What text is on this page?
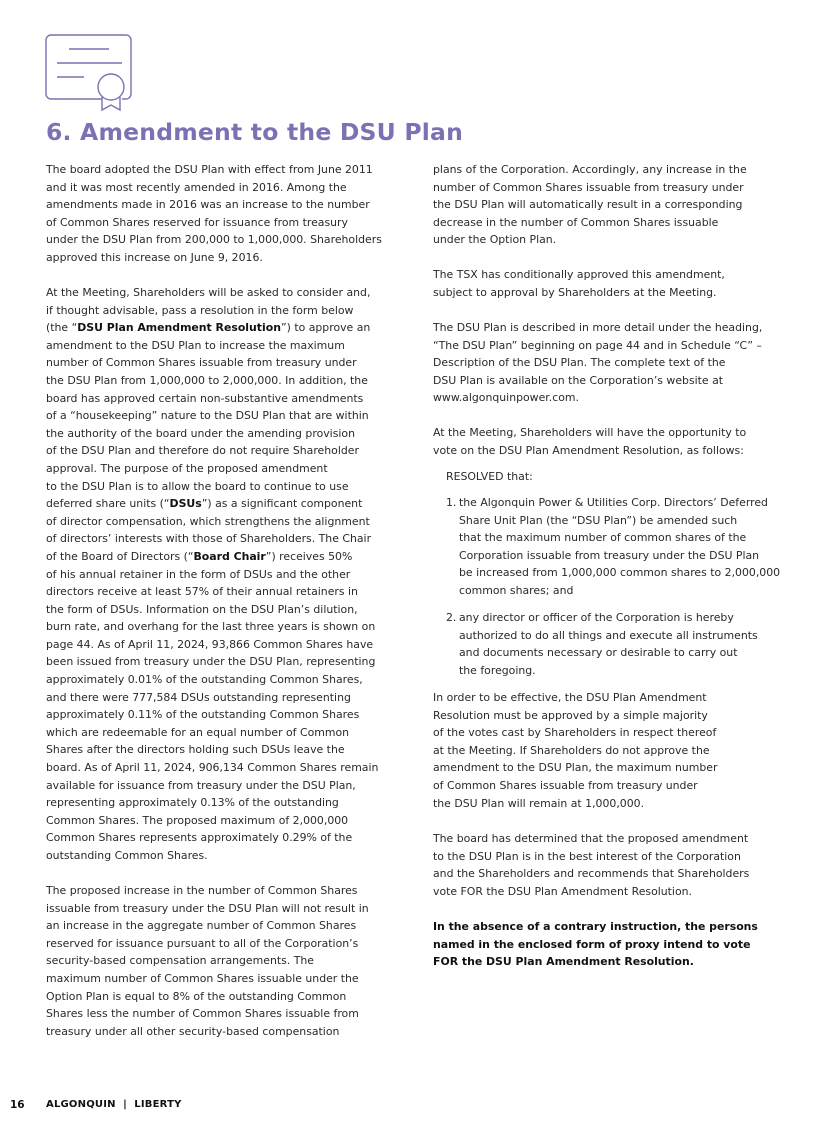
6. Amendment to the DSU Plan
The board adopted the DSU Plan with effect from June 2011
and it was most recently amended in 2016. Among the
amendments made in 2016 was an increase to the number
of Common Shares reserved for issuance from treasury
under the DSU Plan from 200,000 to 1,000,000. Shareholders
approved this increase on June 9, 2016.
At the Meeting, Shareholders will be asked to consider and,
if thought advisable, pass a resolution in the form below
(the “DSU Plan Amendment Resolution”) to approve an
amendment to the DSU Plan to increase the maximum
number of Common Shares issuable from treasury under
the DSU Plan from 1,000,000 to 2,000,000. In addition, the
board has approved certain non-substantive amendments
of a “housekeeping” nature to the DSU Plan that are within
the authority of the board under the amending provision
of the DSU Plan and therefore do not require Shareholder
approval. The purpose of the proposed amendment
to the DSU Plan is to allow the board to continue to use
deferred share units (“DSUs”) as a significant component
of director compensation, which strengthens the alignment
of directors’ interests with those of Shareholders. The Chair
of the Board of Directors (“Board Chair”) receives 50%
of his annual retainer in the form of DSUs and the other
directors receive at least 57% of their annual retainers in
the form of DSUs. Information on the DSU Plan’s dilution,
burn rate, and overhang for the last three years is shown on
page 44. As of April 11, 2024, 93,866 Common Shares have
been issued from treasury under the DSU Plan, representing
approximately 0.01% of the outstanding Common Shares,
and there were 777,584 DSUs outstanding representing
approximately 0.11% of the outstanding Common Shares
which are redeemable for an equal number of Common
Shares after the directors holding such DSUs leave the
board. As of April 11, 2024, 906,134 Common Shares remain
available for issuance from treasury under the DSU Plan,
representing approximately 0.13% of the outstanding
Common Shares. The proposed maximum of 2,000,000
Common Shares represents approximately 0.29% of the
outstanding Common Shares.
The proposed increase in the number of Common Shares
issuable from treasury under the DSU Plan will not result in
an increase in the aggregate number of Common Shares
reserved for issuance pursuant to all of the Corporation’s
security-based compensation arrangements. The
maximum number of Common Shares issuable under the
Option Plan is equal to 8% of the outstanding Common
Shares less the number of Common Shares issuable from
treasury under all other security-based compensation
plans of the Corporation. Accordingly, any increase in the
number of Common Shares issuable from treasury under
the DSU Plan will automatically result in a corresponding
decrease in the number of Common Shares issuable
under the Option Plan.
The TSX has conditionally approved this amendment,
subject to approval by Shareholders at the Meeting.
The DSU Plan is described in more detail under the heading,
“The DSU Plan” beginning on page 44 and in Schedule “C” –
Description of the DSU Plan. The complete text of the
DSU Plan is available on the Corporation’s website at
www.algonquinpower.com.
At the Meeting, Shareholders will have the opportunity to
vote on the DSU Plan Amendment Resolution, as follows:
RESOLVED that:
1. the Algonquin Power & Utilities Corp. Directors’ Deferred
Share Unit Plan (the “DSU Plan”) be amended such
that the maximum number of common shares of the
Corporation issuable from treasury under the DSU Plan
be increased from 1,000,000 common shares to 2,000,000
common shares; and
2. any director or officer of the Corporation is hereby
authorized to do all things and execute all instruments
and documents necessary or desirable to carry out
the foregoing.
In order to be effective, the DSU Plan Amendment
Resolution must be approved by a simple majority
of the votes cast by Shareholders in respect thereof
at the Meeting. If Shareholders do not approve the
amendment to the DSU Plan, the maximum number
of Common Shares issuable from treasury under
the DSU Plan will remain at 1,000,000.
The board has determined that the proposed amendment
to the DSU Plan is in the best interest of the Corporation
and the Shareholders and recommends that Shareholders
vote FOR the DSU Plan Amendment Resolution.
In the absence of a contrary instruction, the persons
named in the enclosed form of proxy intend to vote
FOR the DSU Plan Amendment Resolution.
16 ALGONQUIN  |  LIBERTY
